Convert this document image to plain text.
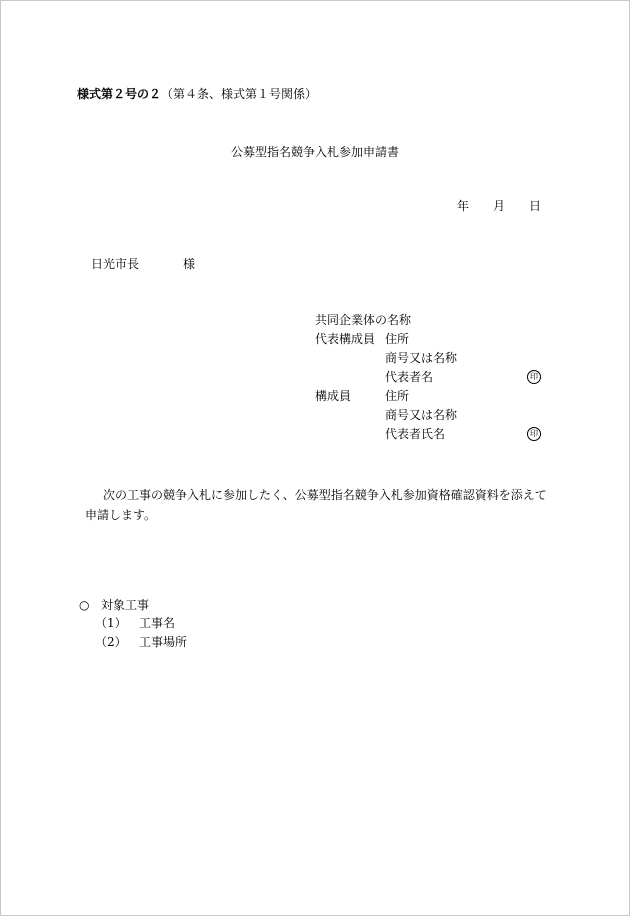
様式第２号の２（第４条、様式第１号関係）
公募型指名競争入札参加申請書
年 月 日
日光市長	様
共同企業体の名称
代表構成員 住所
商号又は名称
代表者名	印
構成員	住所
商号又は名称
代表者氏名	印
次の工事の競争入札に参加したく、公募型指名競争入札参加資格確認資料を添えて申請します。
○ 対象工事
（1） 工事名
（2） 工事場所
